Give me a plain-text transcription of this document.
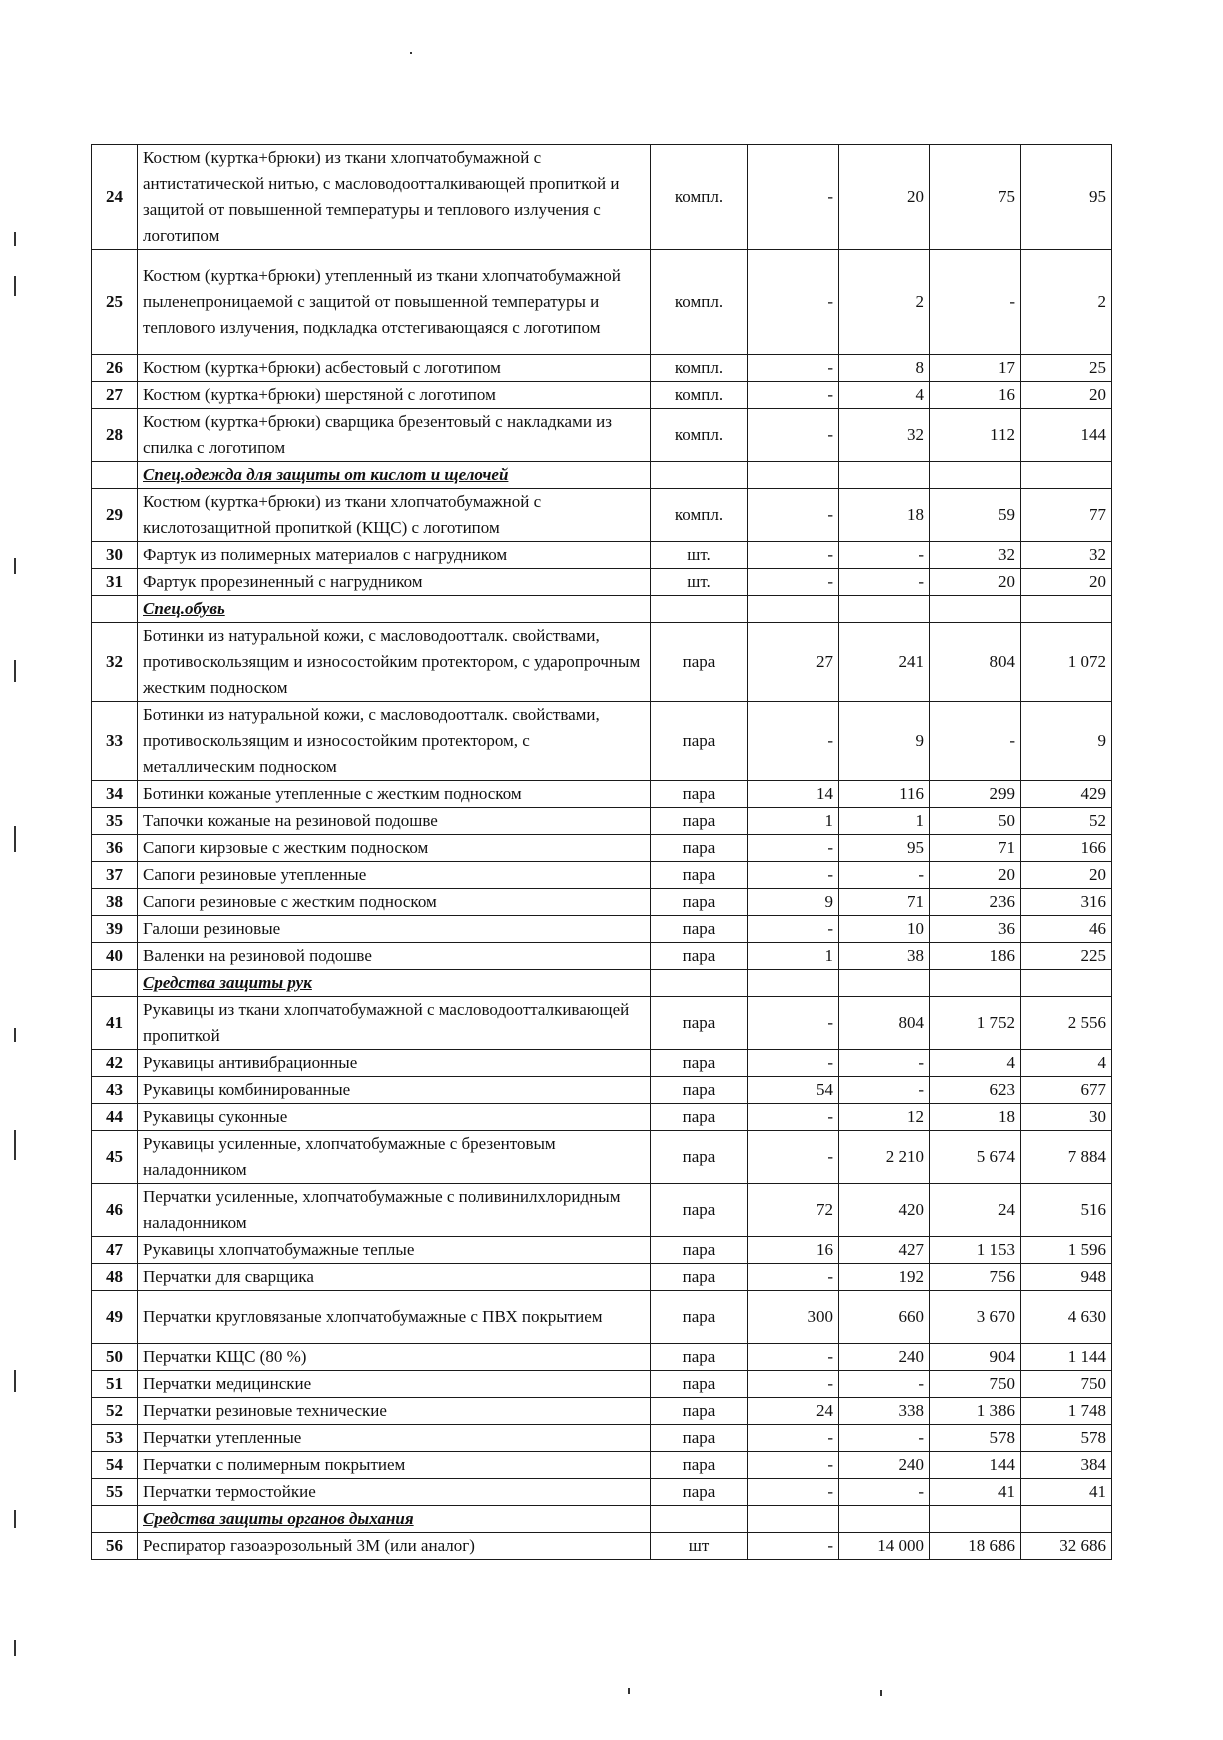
24	Костюм (куртка+брюки) из ткани хлопчатобумажной с антистатической нитью, с масловодоотталкивающей пропиткой и защитой от повышенной температуры и теплового излучения с логотипом	компл.	-	20	75	95
25	Костюм (куртка+брюки) утепленный из ткани хлопчатобумажной пыленепроницаемой с защитой от повышенной температуры и теплового излучения, подкладка отстегивающаяся с логотипом	компл.	-	2	-	2
26	Костюм (куртка+брюки) асбестовый с логотипом	компл.	-	8	17	25
27	Костюм (куртка+брюки) шерстяной с логотипом	компл.	-	4	16	20
28	Костюм (куртка+брюки) сварщика брезентовый с накладками из спилка с логотипом	компл.	-	32	112	144
	Спец.одежда для защиты от кислот и щелочей					
29	Костюм (куртка+брюки) из ткани хлопчатобумажной с кислотозащитной пропиткой (КЩС) с логотипом	компл.	-	18	59	77
30	Фартук из полимерных материалов с нагрудником	шт.	-	-	32	32
31	Фартук прорезиненный с нагрудником	шт.	-	-	20	20
	Спец.обувь					
32	Ботинки из натуральной кожи, с масловодоотталк. свойствами, противоскользящим и износостойким протектором, с ударопрочным жестким подноском	пара	27	241	804	1 072
33	Ботинки из натуральной кожи, с масловодоотталк. свойствами, противоскользящим и износостойким протектором, с металлическим подноском	пара	-	9	-	9
34	Ботинки кожаные утепленные с жестким подноском	пара	14	116	299	429
35	Тапочки кожаные на резиновой подошве	пара	1	1	50	52
36	Сапоги кирзовые с жестким подноском	пара	-	95	71	166
37	Сапоги резиновые утепленные	пара	-	-	20	20
38	Сапоги резиновые с жестким подноском	пара	9	71	236	316
39	Галоши резиновые	пара	-	10	36	46
40	Валенки на резиновой подошве	пара	1	38	186	225
	Средства защиты рук					
41	Рукавицы из ткани хлопчатобумажной с масловодоотталкивающей пропиткой	пара	-	804	1 752	2 556
42	Рукавицы антивибрационные	пара	-	-	4	4
43	Рукавицы комбинированные	пара	54	-	623	677
44	Рукавицы суконные	пара	-	12	18	30
45	Рукавицы усиленные, хлопчатобумажные с брезентовым наладонником	пара	-	2 210	5 674	7 884
46	Перчатки усиленные, хлопчатобумажные с поливинилхлоридным наладонником	пара	72	420	24	516
47	Рукавицы хлопчатобумажные теплые	пара	16	427	1 153	1 596
48	Перчатки для сварщика	пара	-	192	756	948
49	Перчатки кругловязаные хлопчатобумажные с ПВХ покрытием	пара	300	660	3 670	4 630
50	Перчатки КЩС (80 %)	пара	-	240	904	1 144
51	Перчатки медицинские	пара	-	-	750	750
52	Перчатки резиновые технические	пара	24	338	1 386	1 748
53	Перчатки утепленные	пара	-	-	578	578
54	Перчатки с полимерным покрытием	пара	-	240	144	384
55	Перчатки термостойкие	пара	-	-	41	41
	Средства защиты органов дыхания					
56	Респиратор газоаэрозольный 3М (или аналог)	шт	-	14 000	18 686	32 686
